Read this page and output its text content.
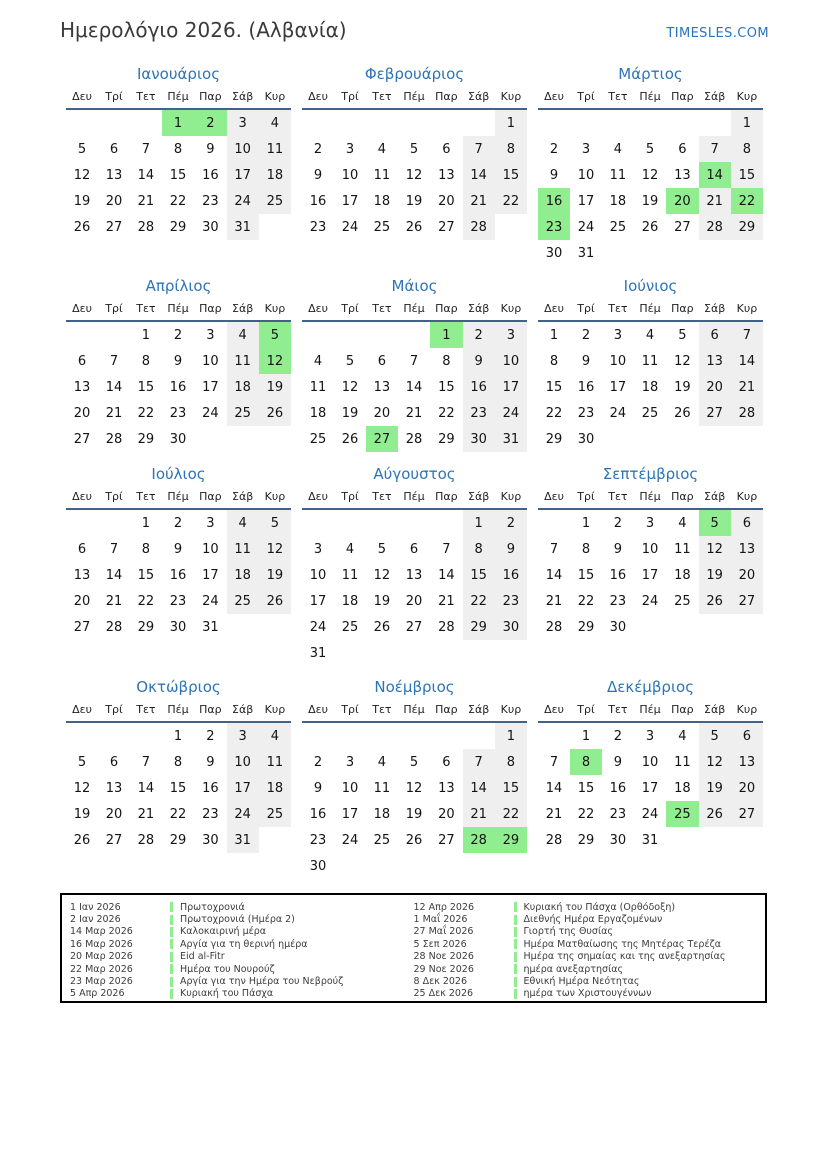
Ημερολόγιο 2026. (Αλβανία)	TIMESLES.COM
Ιανουάριος
Δευ	Τρί	Τετ	Πέμ	Παρ	Σάβ	Κυρ
			1	2	3	4
5	6	7	8	9	10	11
12	13	14	15	16	17	18
19	20	21	22	23	24	25
26	27	28	29	30	31	
Φεβρουάριος
Δευ	Τρί	Τετ	Πέμ	Παρ	Σάβ	Κυρ
						1
2	3	4	5	6	7	8
9	10	11	12	13	14	15
16	17	18	19	20	21	22
23	24	25	26	27	28	
Μάρτιος
Δευ	Τρί	Τετ	Πέμ	Παρ	Σάβ	Κυρ
						1
2	3	4	5	6	7	8
9	10	11	12	13	14	15
16	17	18	19	20	21	22
23	24	25	26	27	28	29
30	31					
Απρίλιος
Δευ	Τρί	Τετ	Πέμ	Παρ	Σάβ	Κυρ
		1	2	3	4	5
6	7	8	9	10	11	12
13	14	15	16	17	18	19
20	21	22	23	24	25	26
27	28	29	30			
Μάιος
Δευ	Τρί	Τετ	Πέμ	Παρ	Σάβ	Κυρ
				1	2	3
4	5	6	7	8	9	10
11	12	13	14	15	16	17
18	19	20	21	22	23	24
25	26	27	28	29	30	31
Ιούνιος
Δευ	Τρί	Τετ	Πέμ	Παρ	Σάβ	Κυρ
1	2	3	4	5	6	7
8	9	10	11	12	13	14
15	16	17	18	19	20	21
22	23	24	25	26	27	28
29	30					
Ιούλιος
Δευ	Τρί	Τετ	Πέμ	Παρ	Σάβ	Κυρ
		1	2	3	4	5
6	7	8	9	10	11	12
13	14	15	16	17	18	19
20	21	22	23	24	25	26
27	28	29	30	31		
Αύγουστος
Δευ	Τρί	Τετ	Πέμ	Παρ	Σάβ	Κυρ
					1	2
3	4	5	6	7	8	9
10	11	12	13	14	15	16
17	18	19	20	21	22	23
24	25	26	27	28	29	30
31						
Σεπτέμβριος
Δευ	Τρί	Τετ	Πέμ	Παρ	Σάβ	Κυρ
	1	2	3	4	5	6
7	8	9	10	11	12	13
14	15	16	17	18	19	20
21	22	23	24	25	26	27
28	29	30				
Οκτώβριος
Δευ	Τρί	Τετ	Πέμ	Παρ	Σάβ	Κυρ
			1	2	3	4
5	6	7	8	9	10	11
12	13	14	15	16	17	18
19	20	21	22	23	24	25
26	27	28	29	30	31	
Νοέμβριος
Δευ	Τρί	Τετ	Πέμ	Παρ	Σάβ	Κυρ
						1
2	3	4	5	6	7	8
9	10	11	12	13	14	15
16	17	18	19	20	21	22
23	24	25	26	27	28	29
30						
Δεκέμβριος
Δευ	Τρί	Τετ	Πέμ	Παρ	Σάβ	Κυρ
	1	2	3	4	5	6
7	8	9	10	11	12	13
14	15	16	17	18	19	20
21	22	23	24	25	26	27
28	29	30	31			
1 Ιαν 2026	Πρωτοχρονιά
2 Ιαν 2026	Πρωτοχρονιά (Ημέρα 2)
14 Μαρ 2026	Καλοκαιρινή μέρα
16 Μαρ 2026	Αργία για τη θερινή ημέρα
20 Μαρ 2026	Eid al-Fitr
22 Μαρ 2026	Ημέρα του Νουρούζ
23 Μαρ 2026	Αργία για την Ημέρα του Νεβρούζ
5 Απρ 2026	Κυριακή του Πάσχα
12 Απρ 2026	Κυριακή του Πάσχα (Ορθόδοξη)
1 Μαΐ 2026	Διεθνής Ημέρα Εργαζομένων
27 Μαΐ 2026	Γιορτή της Θυσίας
5 Σεπ 2026	Ημέρα Ματθαίωσης της Μητέρας Τερέζα
28 Νοε 2026	Ημέρα της σημαίας και της ανεξαρτησίας
29 Νοε 2026	ημέρα ανεξαρτησίας
8 Δεκ 2026	Εθνική Ημέρα Νεότητας
25 Δεκ 2026	ημέρα των Χριστουγέννων
